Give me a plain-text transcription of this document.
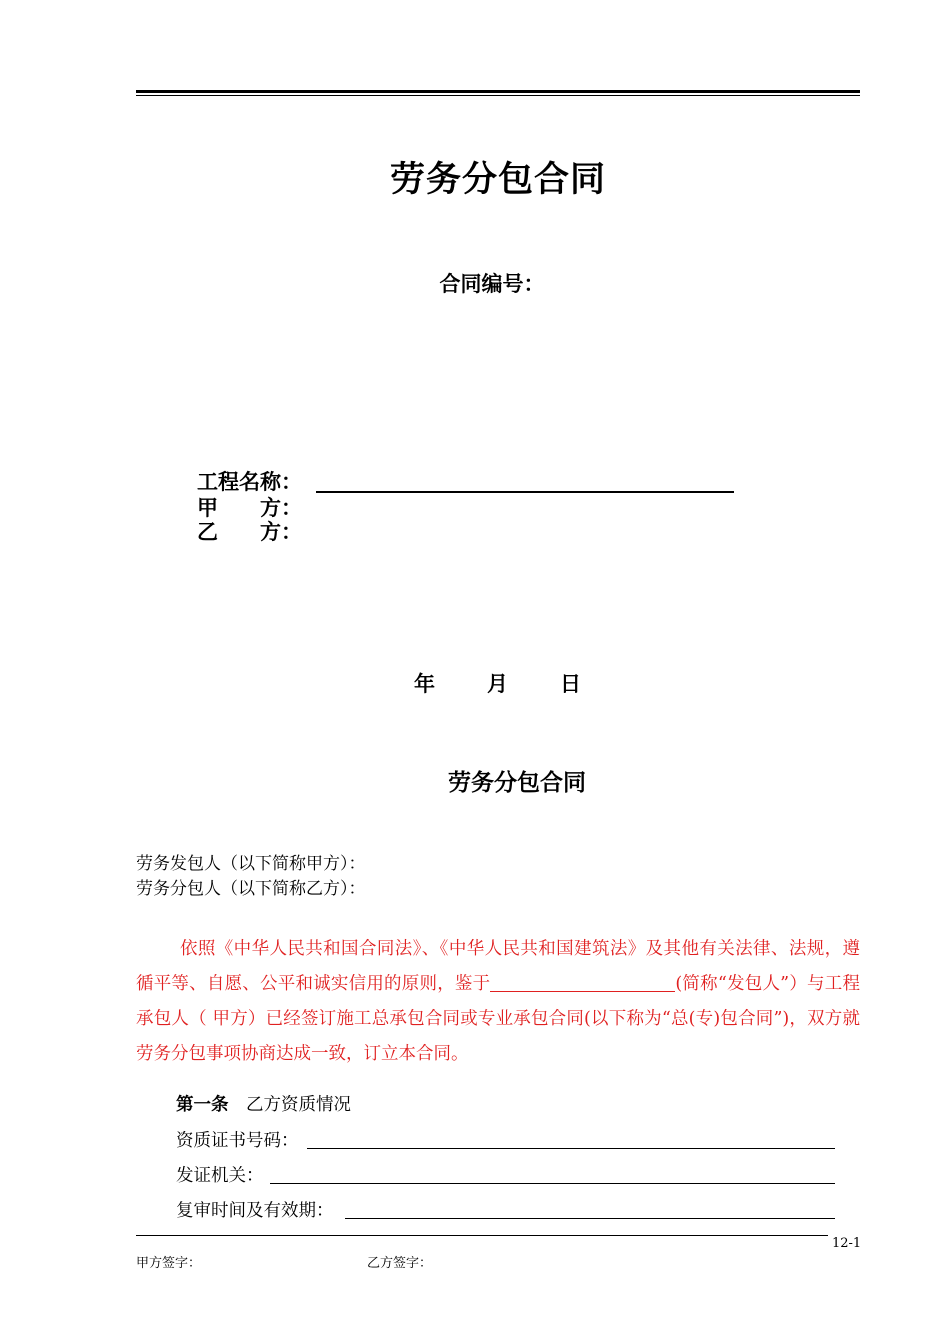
劳务分包合同
合同编号：
工程名称：
甲　　方：
乙　　方：
年 月 日
劳务分包合同
劳务发包人（以下简称甲方）：
劳务分包人（以下简称乙方）：
依照《中华人民共和国合同法》、《中华人民共和国建筑法》及其他有关法律、法规，遵循平等、自愿、公平和诚实信用的原则，鉴于	(简称“发包人”）与工程承包人（ 甲方）已经签订施工总承包合同或专业承包合同(以下称为“总(专)包合同”)，双方就劳务分包事项协商达成一致，订立本合同。
第一条　 乙方资质情况
资质证书号码：
发证机关：
复审时间及有效期：
12-1
甲方签字：	乙方签字：
